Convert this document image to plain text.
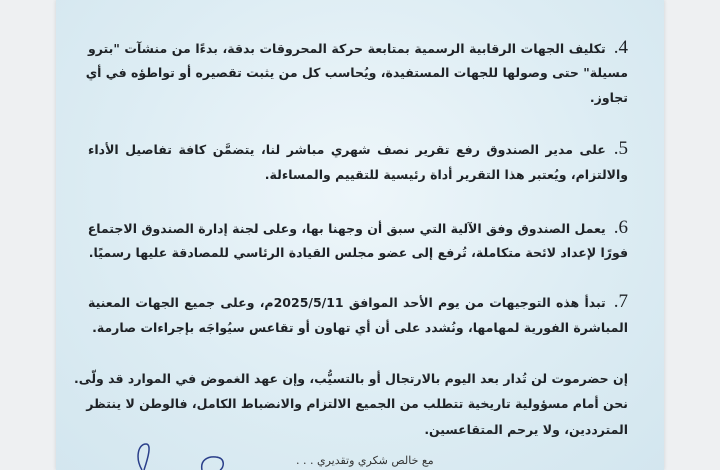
4.تكليف الجهات الرقابية الرسمية بمتابعة حركة المحروقات بدقة، بدءًا من منشآت "بترو
مسيلة" حتى وصولها للجهات المستفيدة، ويُحاسب كل من يثبت تقصيره أو تواطؤه في أي
تجاوز.
5.على مدير الصندوق رفع تقرير نصف شهري مباشر لنا، يتضمَّن كافة تفاصيل الأداء
والالتزام، ويُعتبر هذا التقرير أداة رئيسية للتقييم والمساءلة.
6.يعمل الصندوق وفق الآلية التي سبق أن وجهنا بها، وعلى لجنة إدارة الصندوق الاجتماع
فورًا لإعداد لائحة متكاملة، تُرفع إلى عضو مجلس القيادة الرئاسي للمصادقة عليها رسميًا.
7.تبدأ هذه التوجيهات من يوم الأحد الموافق 2025/5/11م، وعلى جميع الجهات المعنية
المباشرة الفورية لمهامها، ونُشدد على أن أي تهاون أو تقاعس سيُواجَه بإجراءات صارمة.
إن حضرموت لن تُدار بعد اليوم بالارتجال أو بالتسيُّب، وإن عهد الغموض في الموارد قد ولّى.
نحن أمام مسؤولية تاريخية تتطلب من الجميع الالتزام والانضباط الكامل، فالوطن لا ينتظر
المترددين، ولا يرحم المتقاعسين.
مع خالص شكري وتقديري . . .
